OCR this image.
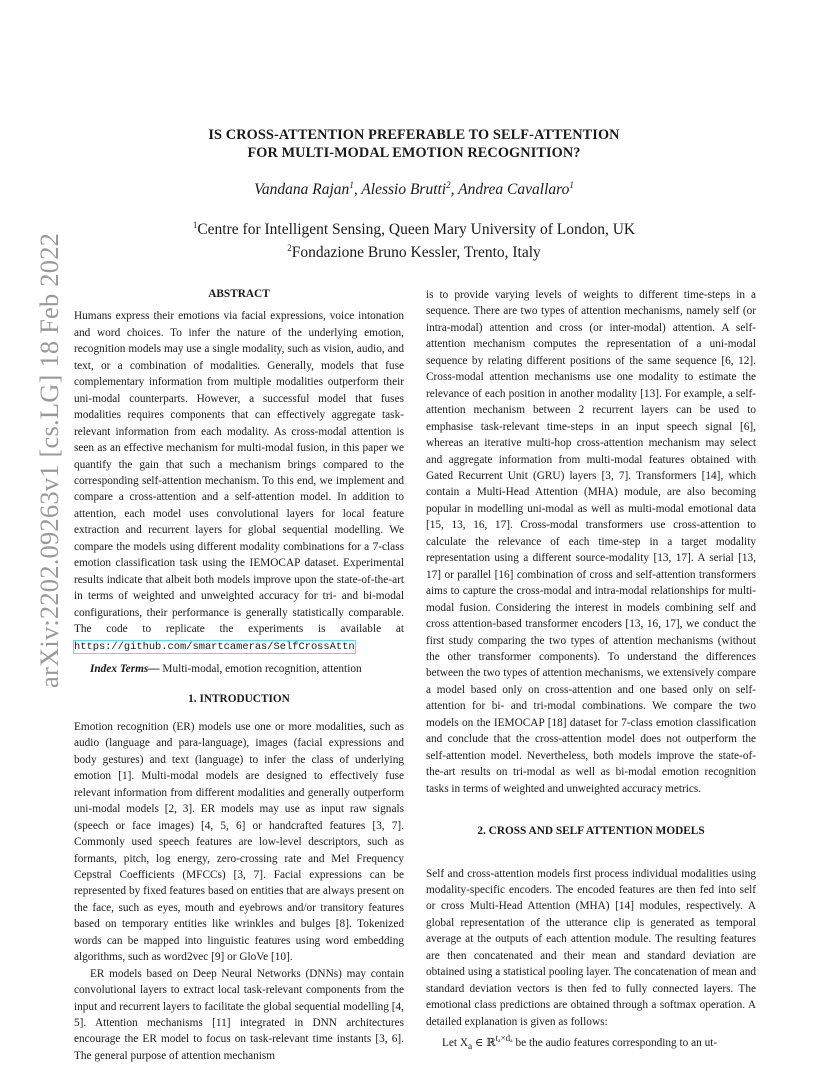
arXiv:2202.09263v1 [cs.LG] 18 Feb 2022
IS CROSS-ATTENTION PREFERABLE TO SELF-ATTENTION
FOR MULTI-MODAL EMOTION RECOGNITION?
Vandana Rajan$^1$, Alessio Brutti$^2$, Andrea Cavallaro$^1$
$^1$Centre for Intelligent Sensing, Queen Mary University of London, UK
$^2$Fondazione Bruno Kessler, Trento, Italy

ABSTRACT

Humans express their emotions via facial expressions, voice intonation and word choices. To infer the nature of the underlying emotion, recognition models may use a single modality, such as vision, audio, and text, or a combination of modalities. Generally, models that fuse complementary information from multiple modalities outperform their uni-modal counterparts. However, a successful model that fuses modalities requires components that can effectively aggregate task-relevant information from each modality. As cross-modal attention is seen as an effective mechanism for multi-modal fusion, in this paper we quantify the gain that such a mechanism brings compared to the corresponding self-attention mechanism. To this end, we implement and compare a cross-attention and a self-attention model. In addition to attention, each model uses convolutional layers for local feature extraction and recurrent layers for global sequential modelling. We compare the models using different modality combinations for a 7-class emotion classification task using the IEMOCAP dataset. Experimental results indicate that albeit both models improve upon the state-of-the-art in terms of weighted and unweighted accuracy for tri- and bi-modal configurations, their performance is generally statistically comparable. The code to replicate the experiments is available at https://github.com/smartcameras/SelfCrossAttn

Index Terms— Multi-modal, emotion recognition, attention

1. INTRODUCTION

Emotion recognition (ER) models use one or more modalities, such as audio (language and para-language), images (facial expressions and body gestures) and text (language) to infer the class of underlying emotion [1]. Multi-modal models are designed to effectively fuse relevant information from different modalities and generally outperform uni-modal models [2, 3]. ER models may use as input raw signals (speech or face images) [4, 5, 6] or handcrafted features [3, 7]. Commonly used speech features are low-level descriptors, such as formants, pitch, log energy, zero-crossing rate and Mel Frequency Cepstral Coefficients (MFCCs) [3, 7]. Facial expressions can be represented by fixed features based on entities that are always present on the face, such as eyes, mouth and eyebrows and/or transitory features based on temporary entities like wrinkles and bulges [8]. Tokenized words can be mapped into linguistic features using word embedding algorithms, such as word2vec [9] or GloVe [10].

ER models based on Deep Neural Networks (DNNs) may contain convolutional layers to extract local task-relevant components from the input and recurrent layers to facilitate the global sequential modelling [4, 5]. Attention mechanisms [11] integrated in DNN architectures encourage the ER model to focus on task-relevant time instants [3, 6]. The general purpose of attention mechanism

is to provide varying levels of weights to different time-steps in a sequence. There are two types of attention mechanisms, namely self (or intra-modal) attention and cross (or inter-modal) attention. A self-attention mechanism computes the representation of a uni-modal sequence by relating different positions of the same sequence [6, 12]. Cross-modal attention mechanisms use one modality to estimate the relevance of each position in another modality [13]. For example, a self-attention mechanism between 2 recurrent layers can be used to emphasise task-relevant time-steps in an input speech signal [6], whereas an iterative multi-hop cross-attention mechanism may select and aggregate information from multi-modal features obtained with Gated Recurrent Unit (GRU) layers [3, 7]. Transformers [14], which contain a Multi-Head Attention (MHA) module, are also becoming popular in modelling uni-modal as well as multi-modal emotional data [15, 13, 16, 17]. Cross-modal transformers use cross-attention to calculate the relevance of each time-step in a target modality representation using a different source-modality [13, 17]. A serial [13, 17] or parallel [16] combination of cross and self-attention transformers aims to capture the cross-modal and intra-modal relationships for multi-modal fusion. Considering the interest in models combining self and cross attention-based transformer encoders [13, 16, 17], we conduct the first study comparing the two types of attention mechanisms (without the other transformer components). To understand the differences between the two types of attention mechanisms, we extensively compare a model based only on cross-attention and one based only on self-attention for bi- and tri-modal combinations. We compare the two models on the IEMOCAP [18] dataset for 7-class emotion classification and conclude that the cross-attention model does not outperform the self-attention model. Nevertheless, both models improve the state-of-the-art results on tri-modal as well as bi-modal emotion recognition tasks in terms of weighted and unweighted accuracy metrics.

2. CROSS AND SELF ATTENTION MODELS

Self and cross-attention models first process individual modalities using modality-specific encoders. The encoded features are then fed into self or cross Multi-Head Attention (MHA) [14] modules, respectively. A global representation of the utterance clip is generated as temporal average at the outputs of each attention module. The resulting features are then concatenated and their mean and standard deviation are obtained using a statistical pooling layer. The concatenation of mean and standard deviation vectors is then fed to fully connected layers. The emotional class predictions are obtained through a softmax operation. A detailed explanation is given as follows:

Let $X_a$ ∈ ℝ$^{t_a\times d_a}$ be the audio features corresponding to an ut-
